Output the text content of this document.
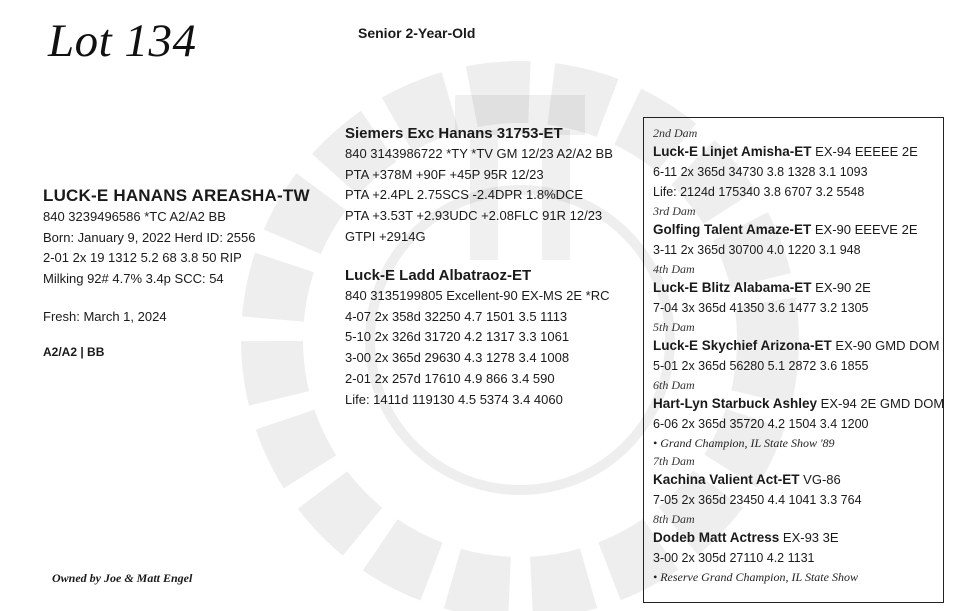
Lot 134	Senior 2-Year-Old
LUCK-E HANANS AREASHA-TW
840 3239496586 *TC A2/A2 BB
Born: January 9, 2022 Herd ID: 2556
2-01 2x 19 1312 5.2 68 3.8 50 RIP
Milking 92# 4.7% 3.4p SCC: 54
Fresh: March 1, 2024
A2/A2 | BB
Siemers Exc Hanans 31753-ET
840 3143986722 *TY *TV GM 12/23 A2/A2 BB
PTA +378M +90F +45P 95R 12/23
PTA +2.4PL 2.75SCS -2.4DPR 1.8%DCE
PTA +3.53T +2.93UDC +2.08FLC 91R 12/23
GTPI +2914G
Luck-E Ladd Albatraoz-ET
840 3135199805 Excellent-90 EX-MS 2E *RC
4-07 2x 358d 32250 4.7 1501 3.5 1113
5-10 2x 326d 31720 4.2 1317 3.3 1061
3-00 2x 365d 29630 4.3 1278 3.4 1008
2-01 2x 257d 17610 4.9 866 3.4 590
Life: 1411d 119130 4.5 5374 3.4 4060
2nd Dam
Luck-E Linjet Amisha-ET EX-94 EEEEE 2E
6-11 2x 365d 34730 3.8 1328 3.1 1093
Life: 2124d 175340 3.8 6707 3.2 5548
3rd Dam
Golfing Talent Amaze-ET EX-90 EEEVE 2E
3-11 2x 365d 30700 4.0 1220 3.1 948
4th Dam
Luck-E Blitz Alabama-ET EX-90 2E
7-04 3x 365d 41350 3.6 1477 3.2 1305
5th Dam
Luck-E Skychief Arizona-ET EX-90 GMD DOM
5-01 2x 365d 56280 5.1 2872 3.6 1855
6th Dam
Hart-Lyn Starbuck Ashley EX-94 2E GMD DOM
6-06 2x 365d 35720 4.2 1504 3.4 1200
• Grand Champion, IL State Show '89
7th Dam
Kachina Valient Act-ET VG-86
7-05 2x 365d 23450 4.4 1041 3.3 764
8th Dam
Dodeb Matt Actress EX-93 3E
3-00 2x 305d 27110 4.2 1131
• Reserve Grand Champion, IL State Show
Owned by Joe & Matt Engel
